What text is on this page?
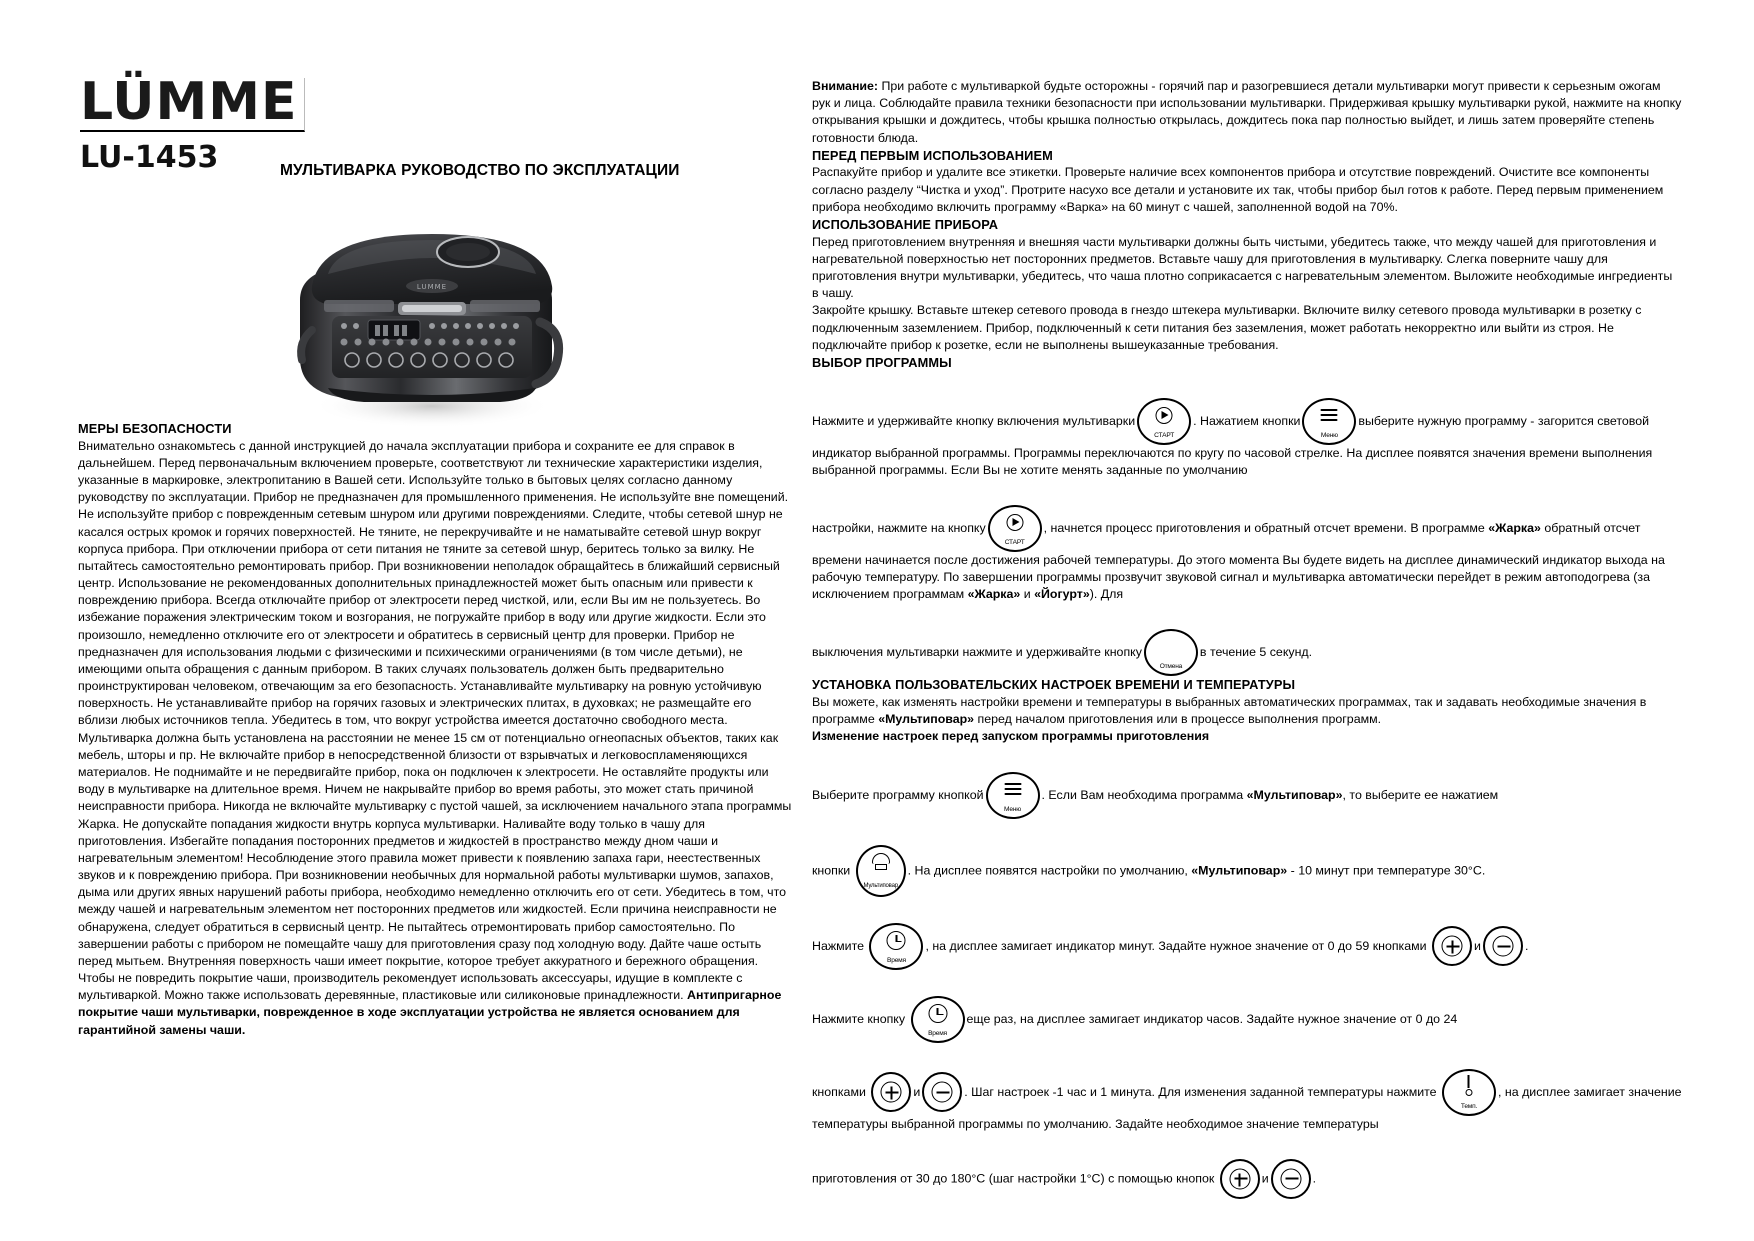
LÜMME
LU-1453	МУЛЬТИВАРКА РУКОВОДСТВО ПО ЭКСПЛУАТАЦИИ
LUMME
МЕРЫ БЕЗОПАСНОСТИ

Внимательно ознакомьтесь с данной инструкцией до начала эксплуатации прибора и сохраните ее для справок в дальнейшем. Перед первоначальным включением проверьте, соответствуют ли технические характеристики изделия, указанные в маркировке, электропитанию в Вашей сети. Используйте только в бытовых целях согласно данному руководству по эксплуатации. Прибор не предназначен для промышленного применения. Не используйте вне помещений. Не используйте прибор с поврежденным сетевым шнуром или другими повреждениями. Следите, чтобы сетевой шнур не касался острых кромок и горячих поверхностей. Не тяните, не перекручивайте и не наматывайте сетевой шнур вокруг корпуса прибора. При отключении прибора от сети питания не тяните за сетевой шнур, беритесь только за вилку. Не пытайтесь самостоятельно ремонтировать прибор. При возникновении неполадок обращайтесь в ближайший сервисный центр. Использование не рекомендованных дополнительных принадлежностей может быть опасным или привести к повреждению прибора. Всегда отключайте прибор от электросети перед чисткой, или, если Вы им не пользуетесь. Во избежание поражения электрическим током и возгорания, не погружайте прибор в воду или другие жидкости. Если это произошло, немедленно отключите его от электросети и обратитесь в сервисный центр для проверки. Прибор не предназначен для использования людьми с физическими и психическими ограничениями (в том числе детьми), не имеющими опыта обращения с данным прибором. В таких случаях пользователь должен быть предварительно проинструктирован человеком, отвечающим за его безопасность. Устанавливайте мультиварку на ровную устойчивую поверхность. Не устанавливайте прибор на горячих газовых и электрических плитах, в духовках; не размещайте его вблизи любых источников тепла. Убедитесь в том, что вокруг устройства имеется достаточно свободного места. Мультиварка должна быть установлена на расстоянии не менее 15 см от потенциально огнеопасных объектов, таких как мебель, шторы и пр. Не включайте прибор в непосредственной близости от взрывчатых и легковоспламеняющихся материалов. Не поднимайте и не передвигайте прибор, пока он подключен к электросети. Не оставляйте продукты или воду в мультиварке на длительное время. Ничем не накрывайте прибор во время работы, это может стать причиной неисправности прибора. Никогда не включайте мультиварку с пустой чашей, за исключением начального этапа программы Жарка. Не допускайте попадания жидкости внутрь корпуса мультиварки. Наливайте воду только в чашу для приготовления. Избегайте попадания посторонних предметов и жидкостей в пространство между дном чаши и нагревательным элементом! Несоблюдение этого правила может привести к появлению запаха гари, неестественных звуков и к повреждению прибора. При возникновении необычных для нормальной работы мультиварки шумов, запахов, дыма или других явных нарушений работы прибора, необходимо немедленно отключить его от сети. Убедитесь в том, что между чашей и нагревательным элементом нет посторонних предметов или жидкостей. Если причина неисправности не обнаружена, следует обратиться в сервисный центр. Не пытайтесь отремонтировать прибор самостоятельно. По завершении работы с прибором не помещайте чашу для приготовления сразу под холодную воду. Дайте чаше остыть перед мытьем. Внутренняя поверхность чаши имеет покрытие, которое требует аккуратного и бережного обращения. Чтобы не повредить покрытие чаши, производитель рекомендует использовать аксессуары, идущие в комплекте с мультиваркой. Можно также использовать деревянные, пластиковые или силиконовые принадлежности. Антипригарное покрытие чаши мультиварки, поврежденное в ходе эксплуатации устройства не является основанием для гарантийной замены чаши.

Внимание: При работе с мультиваркой будьте осторожны - горячий пар и разогревшиеся детали мультиварки могут привести к серьезным ожогам рук и лица. Соблюдайте правила техники безопасности при использовании мультиварки. Придерживая крышку мультиварки рукой, нажмите на кнопку открывания крышки и дождитесь, чтобы крышка полностью открылась, дождитесь пока пар полностью выйдет, и лишь затем проверяйте степень готовности блюда.

ПЕРЕД ПЕРВЫМ ИСПОЛЬЗОВАНИЕМ

Распакуйте прибор и удалите все этикетки. Проверьте наличие всех компонентов прибора и отсутствие повреждений. Очистите все компоненты согласно разделу “Чистка и уход”. Протрите насухо все детали и установите их так, чтобы прибор был готов к работе. Перед первым применением прибора необходимо включить программу «Варка» на 60 минут с чашей, заполненной водой на 70%.

ИСПОЛЬЗОВАНИЕ ПРИБОРА

Перед приготовлением внутренняя и внешняя части мультиварки должны быть чистыми, убедитесь также, что между чашей для приготовления и нагревательной поверхностью нет посторонних предметов. Вставьте чашу для приготовления в мультиварку. Слегка поверните чашу для приготовления внутри мультиварки, убедитесь, что чаша плотно соприкасается с нагревательным элементом. Выложите необходимые ингредиенты в чашу.

Закройте крышку. Вставьте штекер сетевого провода в гнездо штекера мультиварки. Включите вилку сетевого провода мультиварки в розетку с подключенным заземлением. Прибор, подключенный к сети питания без заземления, может работать некорректно или выйти из строя. Не подключайте прибор к розетке, если не выполнены вышеуказанные требования.

ВЫБОР ПРОГРАММЫ

Нажмите и удерживайте кнопку включения мультиварки
СТАРТ
. Нажатием кнопки
Меню
выберите нужную программу - загорится световой индикатор выбранной программы. Программы переключаются по кругу по часовой стрелке. На дисплее появятся значения времени выполнения выбранной программы. Если Вы не хотите менять заданные по умолчанию

настройки, нажмите на кнопку
СТАРТ
, начнется процесс приготовления и обратный отсчет времени. В программе «Жарка» обратный отсчет времени начинается после достижения рабочей температуры. До этого момента Вы будете видеть на дисплее динамический индикатор выхода на рабочую температуру. По завершении программы прозвучит звуковой сигнал и мультиварка автоматически перейдет в режим автоподогрева (за исключением программам «Жарка» и «Йогурт»). Для

выключения мультиварки нажмите и удерживайте кнопку
Отмена
в течение 5 секунд.

УСТАНОВКА ПОЛЬЗОВАТЕЛЬСКИХ НАСТРОЕК ВРЕМЕНИ И ТЕМПЕРАТУРЫ

Вы можете, как изменять настройки времени и температуры в выбранных автоматических программах, так и задавать необходимые значения в программе «Мультиповар» перед началом приготовления или в процессе выполнения программ.

Изменение настроек перед запуском программы приготовления

Выберите программу кнопкой
Меню
. Если Вам необходима программа «Мультиповар», то выберите ее нажатием

кнопки
Мультиповар
. На дисплее появятся настройки по умолчанию, «Мультиповар» - 10 минут при температуре 30°C.

Нажмите
Время
, на дисплее замигает индикатор минут. Задайте нужное значение от 0 до 59 кнопками	и	.

Нажмите кнопку
Время
еще раз, на дисплее замигает индикатор часов. Задайте нужное значение от 0 до 24

кнопками	и	. Шаг настроек -1 час и 1 минута. Для изменения заданной температуры нажмите
Темп.
, на дисплее замигает значение температуры выбранной программы по умолчанию. Задайте необходимое значение температуры

приготовления от 30 до 180°C (шаг настройки 1°C) с помощью кнопок	и	.
